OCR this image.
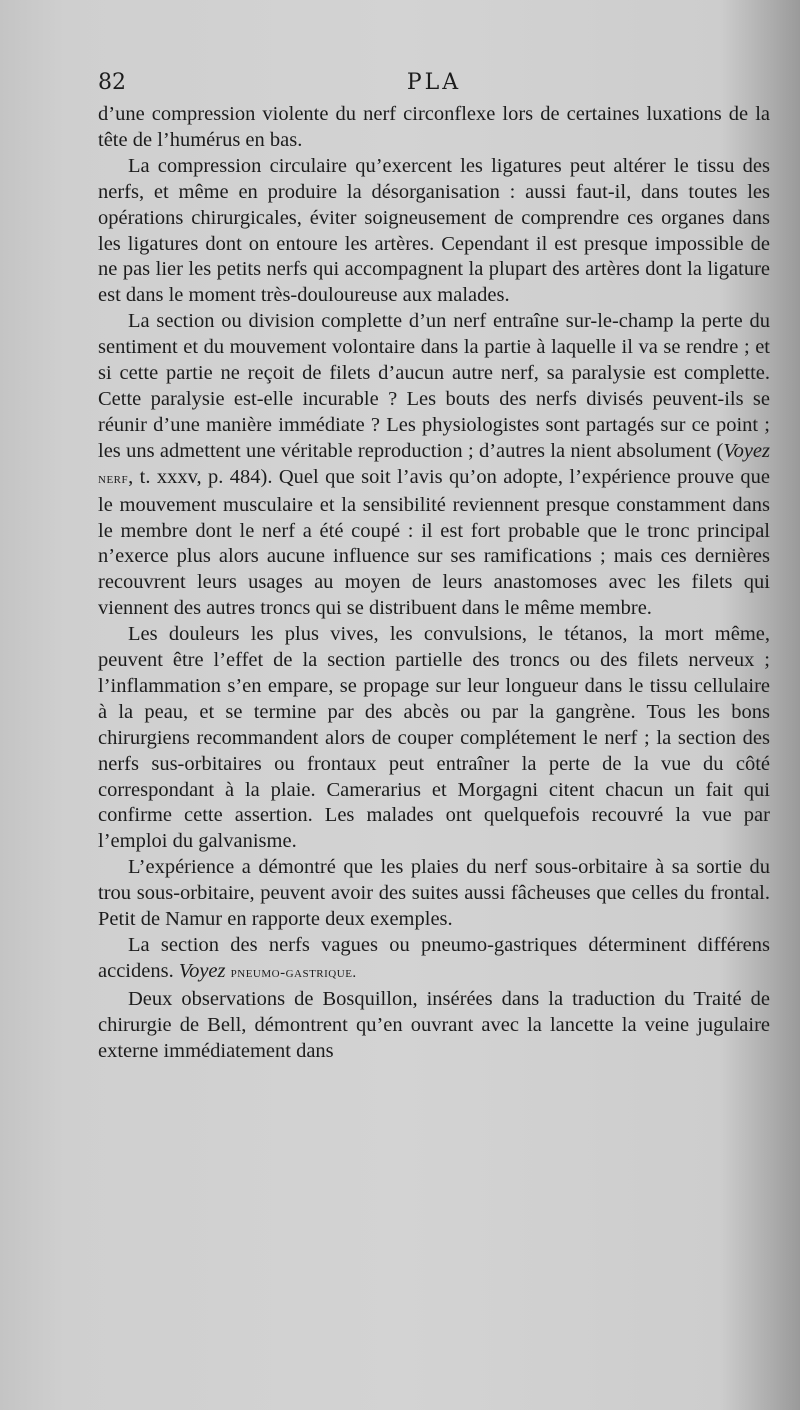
82	PLA

d’une compression violente du nerf circonflexe lors de certaines luxations de la tête de l’humérus en bas.

La compression circulaire qu’exercent les ligatures peut altérer le tissu des nerfs, et même en produire la désorganisation : aussi faut-il, dans toutes les opérations chirurgicales, éviter soigneusement de comprendre ces organes dans les ligatures dont on entoure les artères. Cependant il est presque impossible de ne pas lier les petits nerfs qui accompagnent la plupart des artères dont la ligature est dans le moment très-douloureuse aux malades.

La section ou division complette d’un nerf entraîne sur-le-champ la perte du sentiment et du mouvement volontaire dans la partie à laquelle il va se rendre ; et si cette partie ne reçoit de filets d’aucun autre nerf, sa paralysie est complette. Cette paralysie est-elle incurable ? Les bouts des nerfs divisés peuvent-ils se réunir d’une manière immédiate ? Les physiologistes sont partagés sur ce point ; les uns admettent une véritable reproduction ; d’autres la nient absolument (Voyez nerf, t. xxxv, p. 484). Quel que soit l’avis qu’on adopte, l’expérience prouve que le mouvement musculaire et la sensibilité reviennent presque constamment dans le membre dont le nerf a été coupé : il est fort probable que le tronc principal n’exerce plus alors aucune influence sur ses ramifications ; mais ces dernières recouvrent leurs usages au moyen de leurs anastomoses avec les filets qui viennent des autres troncs qui se distribuent dans le même membre.

Les douleurs les plus vives, les convulsions, le tétanos, la mort même, peuvent être l’effet de la section partielle des troncs ou des filets nerveux ; l’inflammation s’en empare, se propage sur leur longueur dans le tissu cellulaire à la peau, et se termine par des abcès ou par la gangrène. Tous les bons chirurgiens recommandent alors de couper complétement le nerf ; la section des nerfs sus-orbitaires ou frontaux peut entraîner la perte de la vue du côté correspondant à la plaie. Camerarius et Morgagni citent chacun un fait qui confirme cette assertion. Les malades ont quelquefois recouvré la vue par l’emploi du galvanisme.

L’expérience a démontré que les plaies du nerf sous-orbitaire à sa sortie du trou sous-orbitaire, peuvent avoir des suites aussi fâcheuses que celles du frontal. Petit de Namur en rapporte deux exemples.

La section des nerfs vagues ou pneumo-gastriques déterminent différens accidens. Voyez pneumo-gastrique.

Deux observations de Bosquillon, insérées dans la traduction du Traité de chirurgie de Bell, démontrent qu’en ouvrant avec la lancette la veine jugulaire externe immédiatement dans
